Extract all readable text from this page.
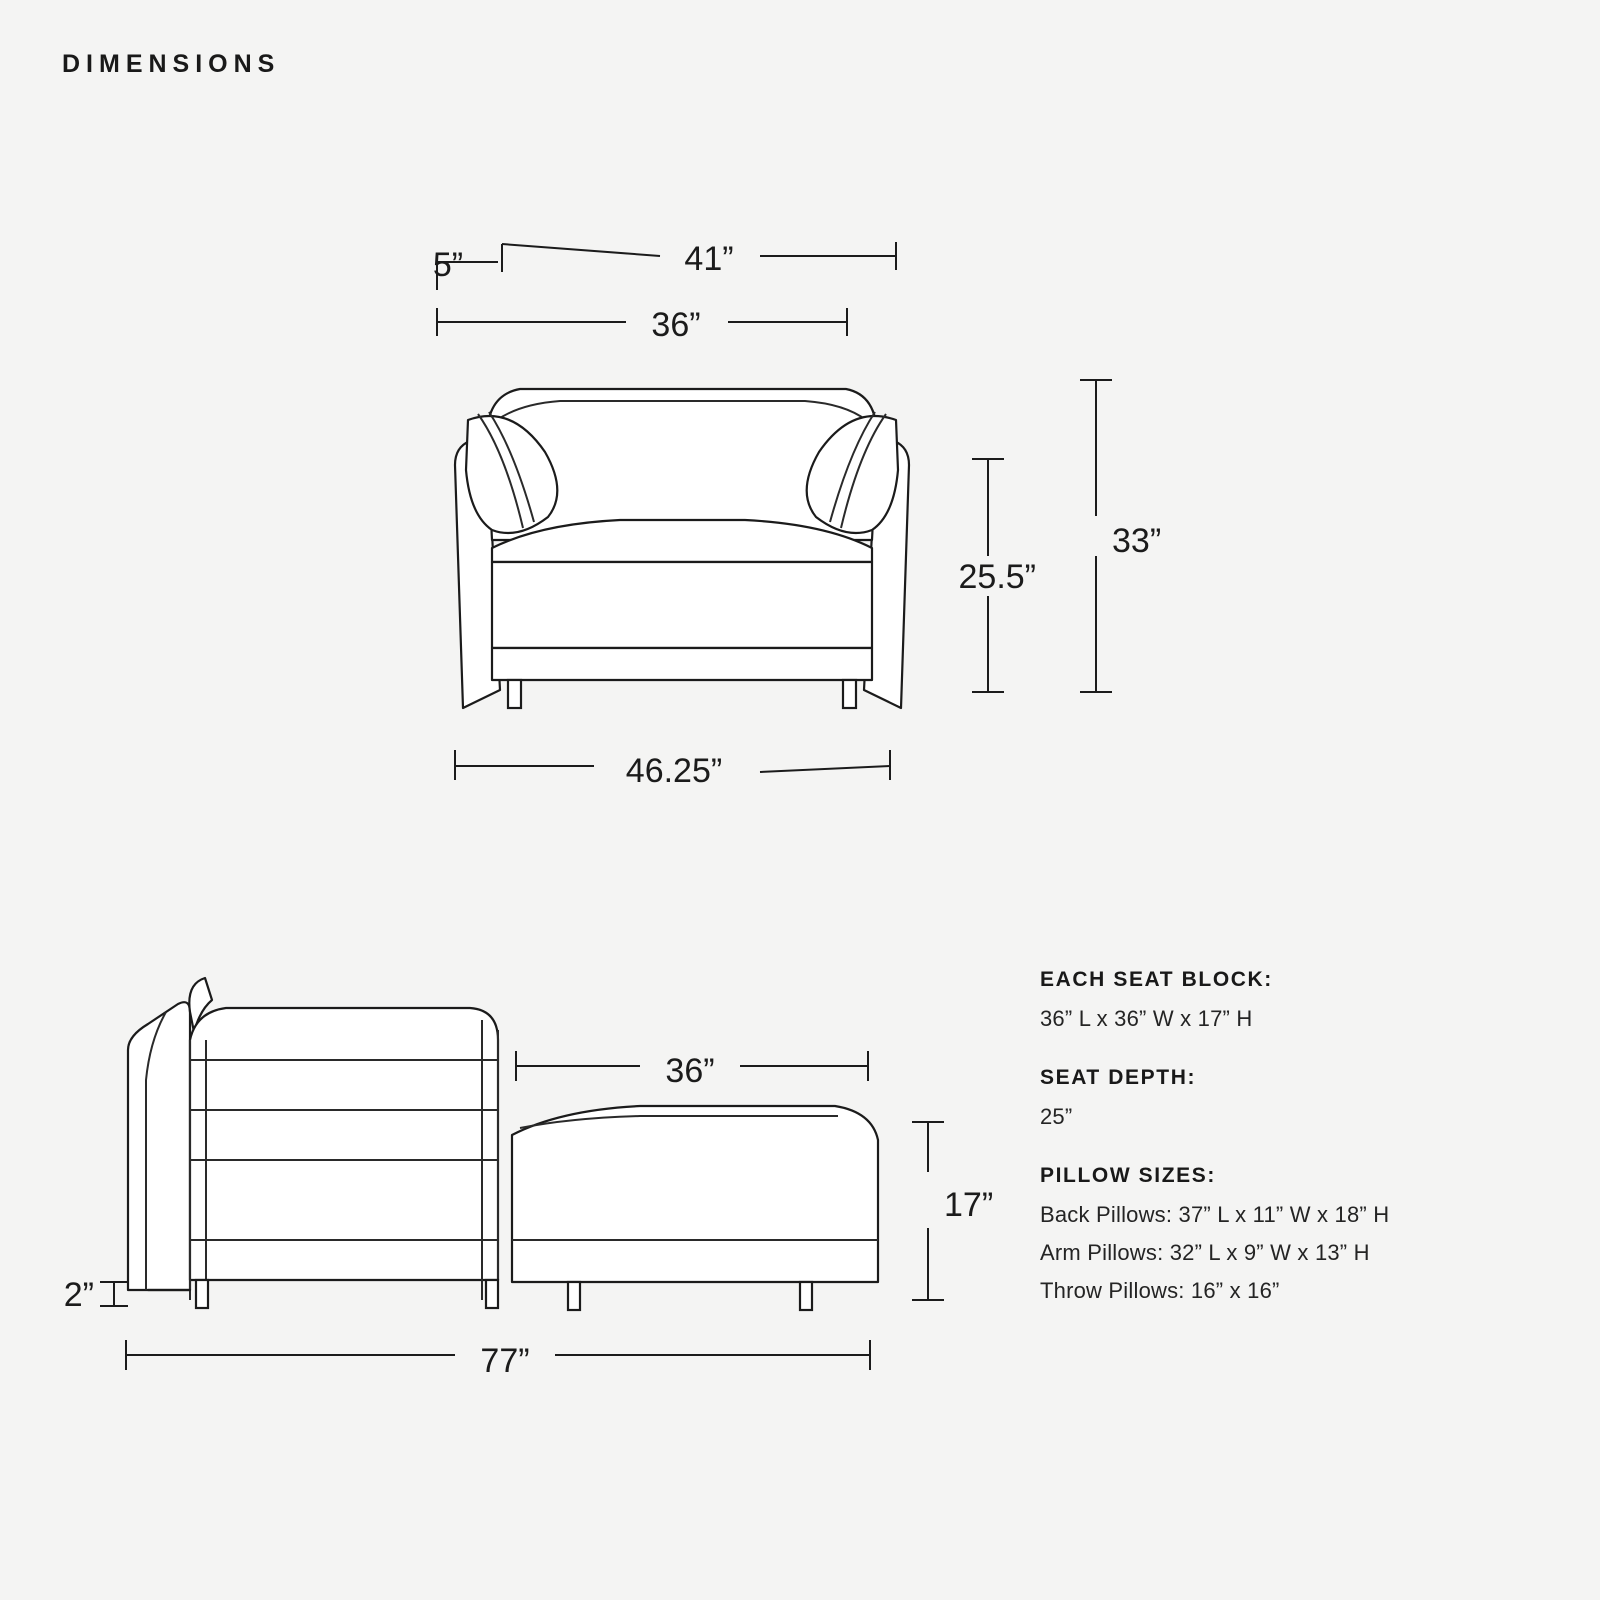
DIMENSIONS
5”	41”
36”
25.5”
33”
46.25”
36”
17”
2”
77”
EACH SEAT BLOCK:
36” L x 36” W x 17” H
SEAT DEPTH:
25”
PILLOW SIZES:
Back Pillows: 37” L x 11” W x 18” H
Arm Pillows: 32” L x 9” W x 13” H
Throw Pillows: 16” x 16”
